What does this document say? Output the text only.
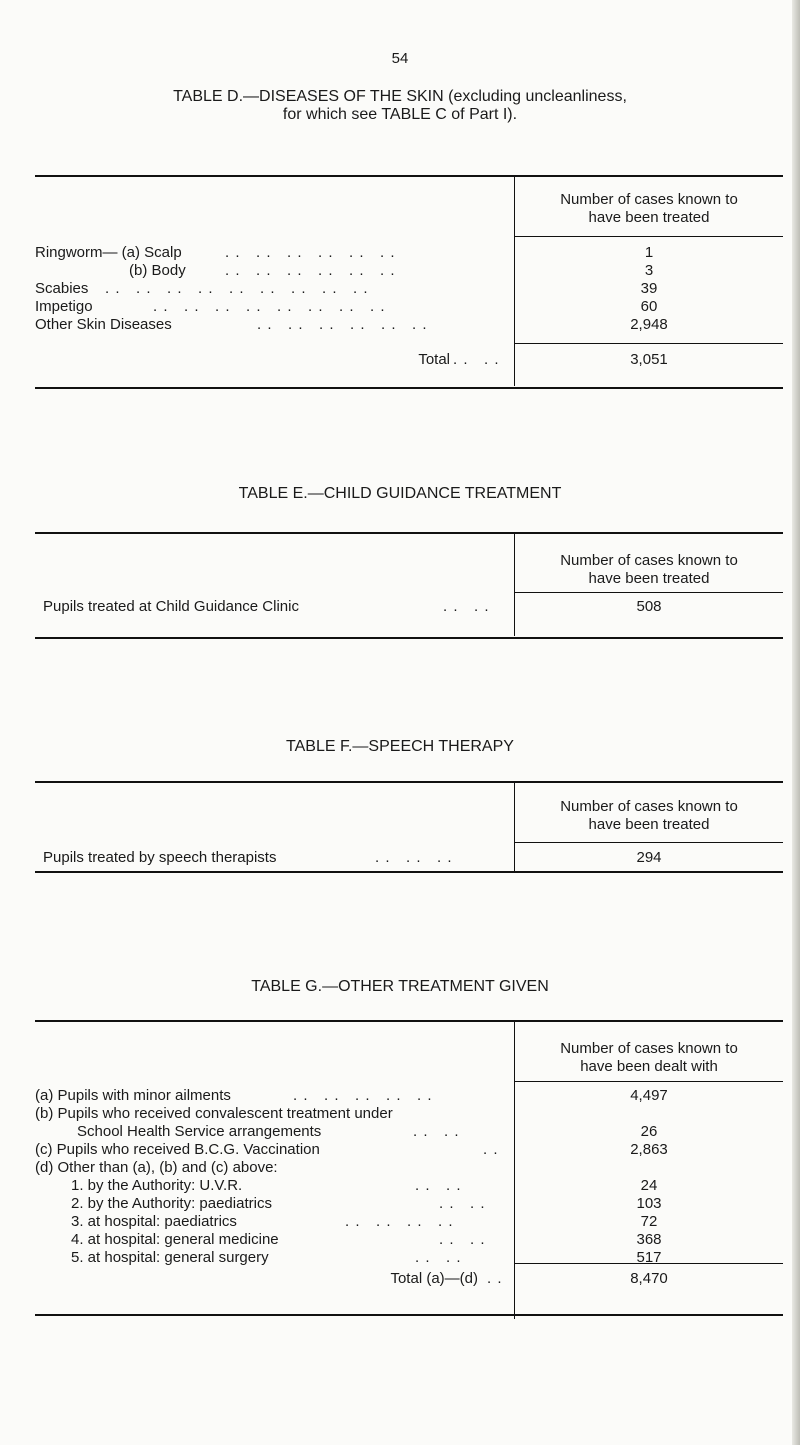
54
TABLE D.—DISEASES OF THE SKIN (excluding uncleanliness,
for which see TABLE C of Part I).
Number of cases known to
have been treated
Ringworm— (a) Scalp	. .   . .   . .   . .   . .   . .	1
(b) Body	. .   . .   . .   . .   . .   . .	3
Scabies . .   . .   . .   . .   . .   . .   . .   . .   . .	39
Impetigo	. .   . .   . .   . .   . .   . .   . .   . .	60
Other Skin Diseases	. .   . .   . .   . .   . .   . .	2,948
Total . .   . .	3,051
TABLE E.—CHILD GUIDANCE TREATMENT
Number of cases known to
have been treated
Pupils treated at Child Guidance Clinic	. .   . .	508
TABLE F.—SPEECH THERAPY
Number of cases known to
have been treated
Pupils treated by speech therapists	. .   . .   . .	294
TABLE G.—OTHER TREATMENT GIVEN
Number of cases known to
have been dealt with
(a) Pupils with minor ailments	. .   . .   . .   . .   . .	4,497
(b) Pupils who received convalescent treatment under
School Health Service arrangements	. .   . .	26
(c) Pupils who received B.C.G. Vaccination	. .	2,863
(d) Other than (a), (b) and (c) above:
1. by the Authority: U.V.R.	. .   . .	24
2. by the Authority: paediatrics	. .   . .	103
3. at hospital: paediatrics	. .   . .   . .   . .	72
4. at hospital: general medicine	. .   . .	368
5. at hospital: general surgery	. .   . .	517
Total (a)—(d) . .	8,470
